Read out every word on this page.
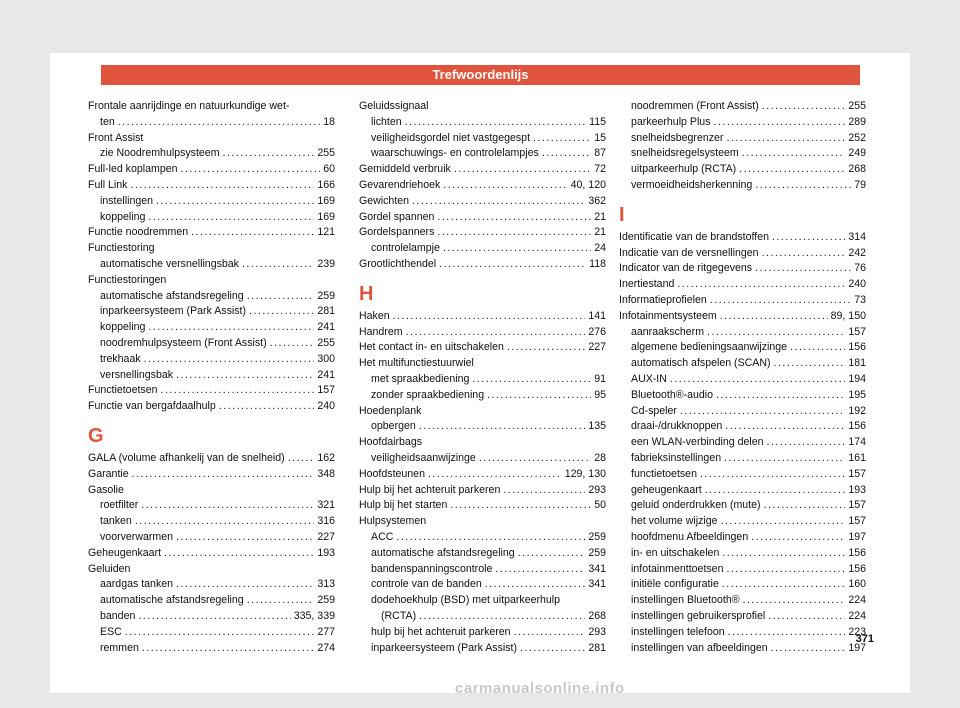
Trefwoordenlijs
Frontale aanrijdinge en natuurkundige wet-
ten .....	18
Front Assist
zie Noodremhulpsysteem .....	255
Full-led koplampen .....	60
Full Link .....	166
instellingen .....	169
koppeling .....	169
Functie noodremmen .....	121
Functiestoring
automatische versnellingsbak .....	239
Functiestoringen
automatische afstandsregeling .....	259
inparkeersysteem (Park Assist) .....	281
koppeling .....	241
noodremhulpsysteem (Front Assist) .....	255
trekhaak .....	300
versnellingsbak .....	241
Functietoetsen .....	157
Functie van bergafdaalhulp .....	240
G
GALA (volume afhankelij van de snelheid) .....	162
Garantie .....	348
Gasolie
roetfilter .....	321
tanken .....	316
voorverwarmen .....	227
Geheugenkaart .....	193
Geluiden
aardgas tanken .....	313
automatische afstandsregeling .....	259
banden .....	335, 339
ESC .....	277
remmen .....	274
Geluidssignaal
lichten .....	115
veiligheidsgordel niet vastgegespt .....	15
waarschuwings- en controlelampjes .....	87
Gemiddeld verbruik .....	72
Gevarendriehoek .....	40, 120
Gewichten .....	362
Gordel spannen .....	21
Gordelspanners .....	21
controlelampje .....	24
Grootlichthendel .....	118
H
Haken .....	141
Handrem .....	276
Het contact in- en uitschakelen .....	227
Het multifunctiestuurwiel
met spraakbediening .....	91
zonder spraakbediening .....	95
Hoedenplank
opbergen .....	135
Hoofdairbags
veiligheidsaanwijzinge .....	28
Hoofdsteunen .....	129, 130
Hulp bij het achteruit parkeren .....	293
Hulp bij het starten .....	50
Hulpsystemen
ACC .....	259
automatische afstandsregeling .....	259
bandenspanningscontrole .....	341
controle van de banden .....	341
dodehoekhulp (BSD) met uitparkeerhulp
(RCTA) .....	268
hulp bij het achteruit parkeren .....	293
inparkeersysteem (Park Assist) .....	281
noodremmen (Front Assist) .....	255
parkeerhulp Plus .....	289
snelheidsbegrenzer .....	252
snelheidsregelsysteem .....	249
uitparkeerhulp (RCTA) .....	268
vermoeidheidsherkenning .....	79
I
Identificatie van de brandstoffen .....	314
Indicatie van de versnellingen .....	242
Indicator van de ritgegevens .....	76
Inertiestand .....	240
Informatieprofielen .....	73
Infotainmentsysteem .....	89, 150
aanraakscherm .....	157
algemene bedieningsaanwijzinge .....	156
automatisch afspelen (SCAN) .....	181
AUX-IN .....	194
Bluetooth®-audio .....	195
Cd-speler .....	192
draai-/drukknoppen .....	156
een WLAN-verbinding delen .....	174
fabrieksinstellingen .....	161
functietoetsen .....	157
geheugenkaart .....	193
geluid onderdrukken (mute) .....	157
het volume wijzige .....	157
hoofdmenu Afbeeldingen .....	197
in- en uitschakelen .....	156
infotainmenttoetsen .....	156
initiële configuratie .....	160
instellingen Bluetooth® .....	224
instellingen gebruikersprofiel .....	224
instellingen telefoon .....	223
instellingen van afbeeldingen .....	197
371
carmanualsonline.info
